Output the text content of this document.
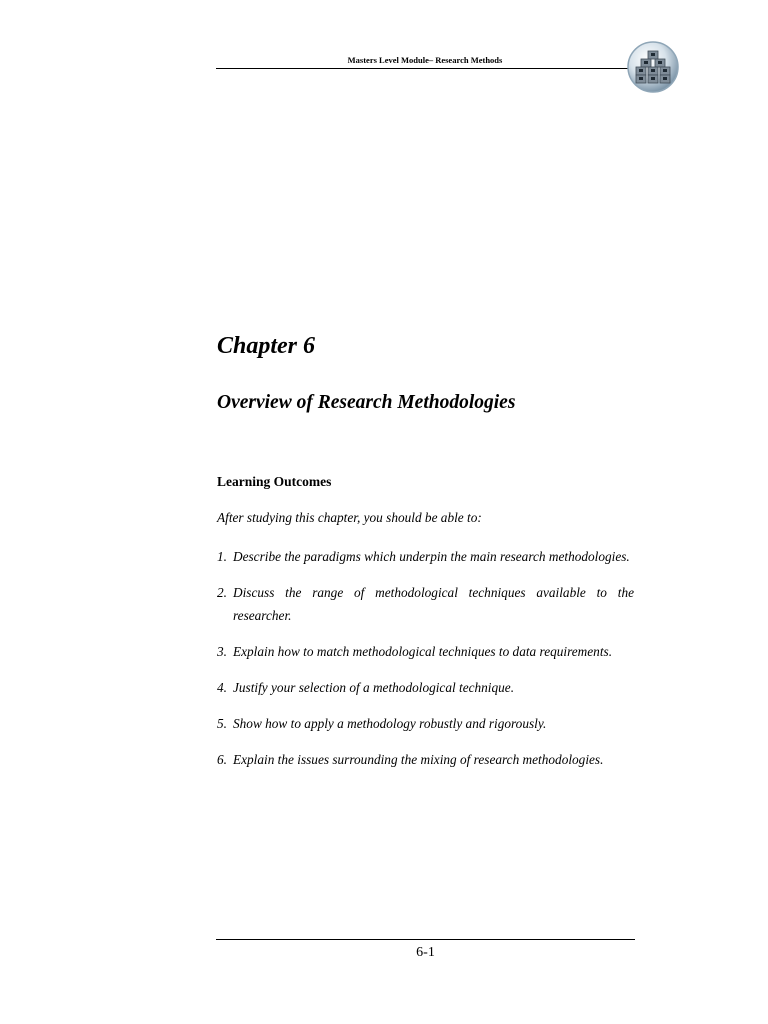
Masters Level Module– Research Methods
Chapter 6
Overview of Research Methodologies
Learning Outcomes
After studying this chapter, you should be able to:
1. Describe the paradigms which underpin the main research methodologies.
2. Discuss the range of methodological techniques available to the researcher.
3. Explain how to match methodological techniques to data requirements.
4. Justify your selection of a methodological technique.
5. Show how to apply a methodology robustly and rigorously.
6. Explain the issues surrounding the mixing of research methodologies.
6-1
